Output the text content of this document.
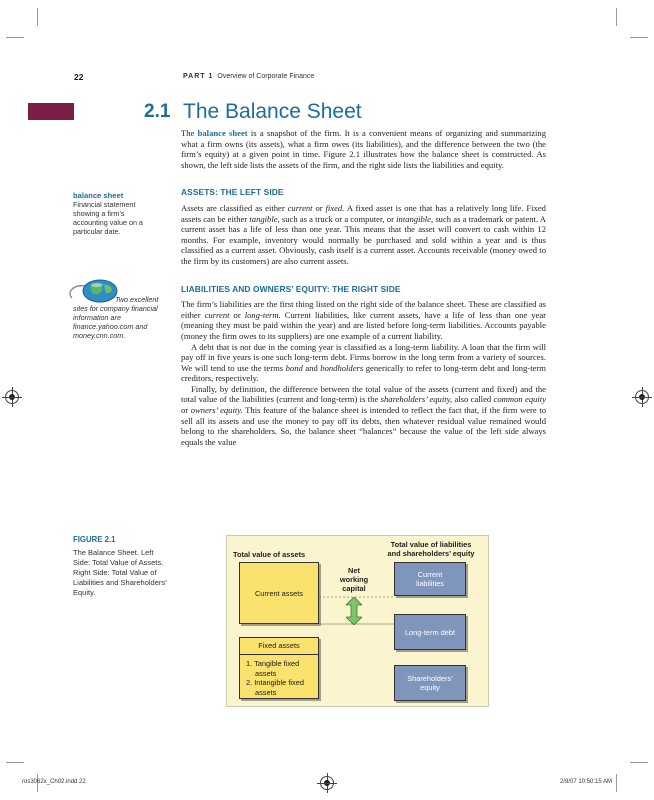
22	PART 1 Overview of Corporate Finance
2.1 The Balance Sheet

The balance sheet is a snapshot of the firm. It is a convenient means of organizing and summarizing what a firm owns (its assets), what a firm owes (its liabilities), and the difference between the two (the firm’s equity) at a given point in time. Figure 2.1 illustrates how the balance sheet is constructed. As shown, the left side lists the assets of the firm, and the right side lists the liabilities and equity.

ASSETS: THE LEFT SIDE

Assets are classified as either current or fixed. A fixed asset is one that has a relatively long life. Fixed assets can be either tangible, such as a truck or a computer, or intangible, such as a trademark or patent. A current asset has a life of less than one year. This means that the asset will convert to cash within 12 months. For example, inventory would normally be purchased and sold within a year and is thus classified as a current asset. Obviously, cash itself is a current asset. Accounts receivable (money owed to the firm by its customers) are also current assets.

LIABILITIES AND OWNERS’ EQUITY: THE RIGHT SIDE

The firm’s liabilities are the first thing listed on the right side of the balance sheet. These are classified as either current or long-term. Current liabilities, like current assets, have a life of less than one year (meaning they must be paid within the year) and are listed before long-term liabilities. Accounts payable (money the firm owes to its suppliers) are one example of a current liability.

A debt that is not due in the coming year is classified as a long-term liability. A loan that the firm will pay off in five years is one such long-term debt. Firms borrow in the long term from a variety of sources. We will tend to use the terms bond and bondholders generically to refer to long-term debt and long-term creditors, respectively.

Finally, by definition, the difference between the total value of the assets (current and fixed) and the total value of the liabilities (current and long-term) is the shareholders’ equity, also called common equity or owners’ equity. This feature of the balance sheet is intended to reflect the fact that, if the firm were to sell all its assets and use the money to pay off its debts, then whatever residual value remained would belong to the shareholders. So, the balance sheet “balances” because the value of the left side always equals the value

balance sheet
Financial statement showing a firm’s accounting value on a particular date.
Two excellent sites for company financial information are finance.yahoo.com and money.cnn.com.
FIGURE 2.1
The Balance Sheet. Left Side: Total Value of Assets. Right Side: Total Value of Liabilities and Shareholders’ Equity.
Total value of assets
Total value of liabilities
and shareholders’ equity
Net working capital
Current assets
Fixed assets
1. Tangible fixed assets
2. Intangible fixed assets
Current liabilities
Long-term debt
Shareholders’ equity
ros3062x_Ch02.indd 22	2/9/07 10:50:15 AM
